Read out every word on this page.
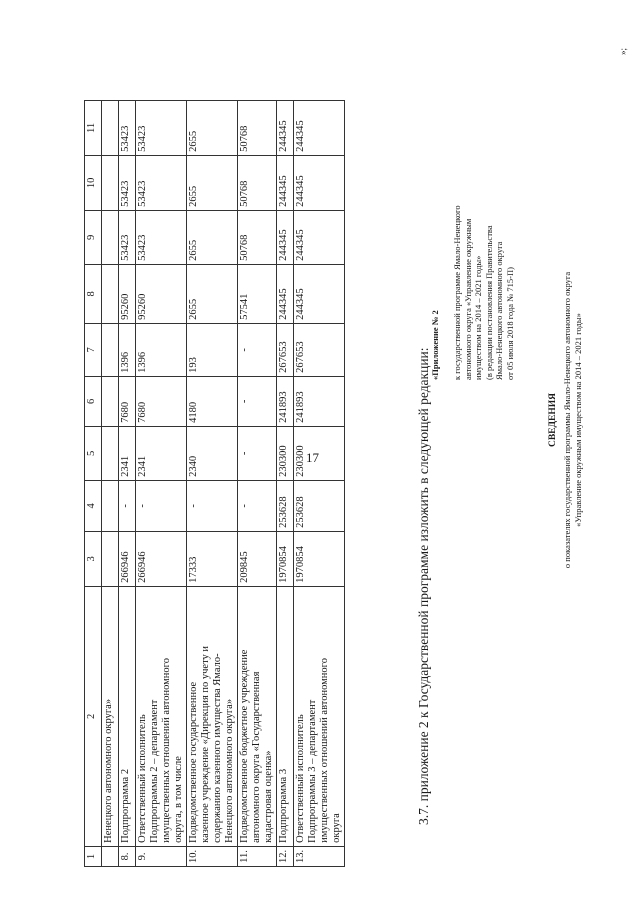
17
1	2	3	4	5	6	7	8	9	10	11

	Ненецкого автономного округа»									

8.	Подпрограмма 2	266946	-	2341	7680	1396	95260	53423	53423	53423
9.	Ответственный исполнитель Подпрограммы 2 – департамент имущественных отношений автономного округа, в том числе	266946	-	2341	7680	1396	95260	53423	53423	53423
10.	Подведомственное государственное казенное учреждение «Дирекция по учету и содержанию казенного имущества Ямало- Ненецкого автономного округа»	17333	-	2340	4180	193	2655	2655	2655	2655
11.	Подведомственное бюджетное учреждение автономного округа «Государственная кадастровая оценка»	209845	-	-	-	-	57541	50768	50768	50768
12.	Подпрограмма 3	1970854	253628	230300	241893	267653	244345	244345	244345	244345
13.	Ответственный исполнитель Подпрограммы 3 – департамент имущественных отношений автономного округа	1970854	253628	230300	241893	267653	244345	244345	244345	244345
3.7. приложение 2 к Государственной программе изложить в следующей редакции:
«Приложение № 2 к государственной программе Ямало-Ненецкого автономного округа «Управление окружным имуществом на 2014 – 2021 годы» (в редакции постановления Правительства Ямало-Ненецкого автономного округа от 05 июля 2018 года № 715-П)
СВЕДЕНИЯ о показателях государственной программы Ямало-Ненецкого автономного округа «Управление окружным имуществом на 2014 – 2021 годы»
»;
